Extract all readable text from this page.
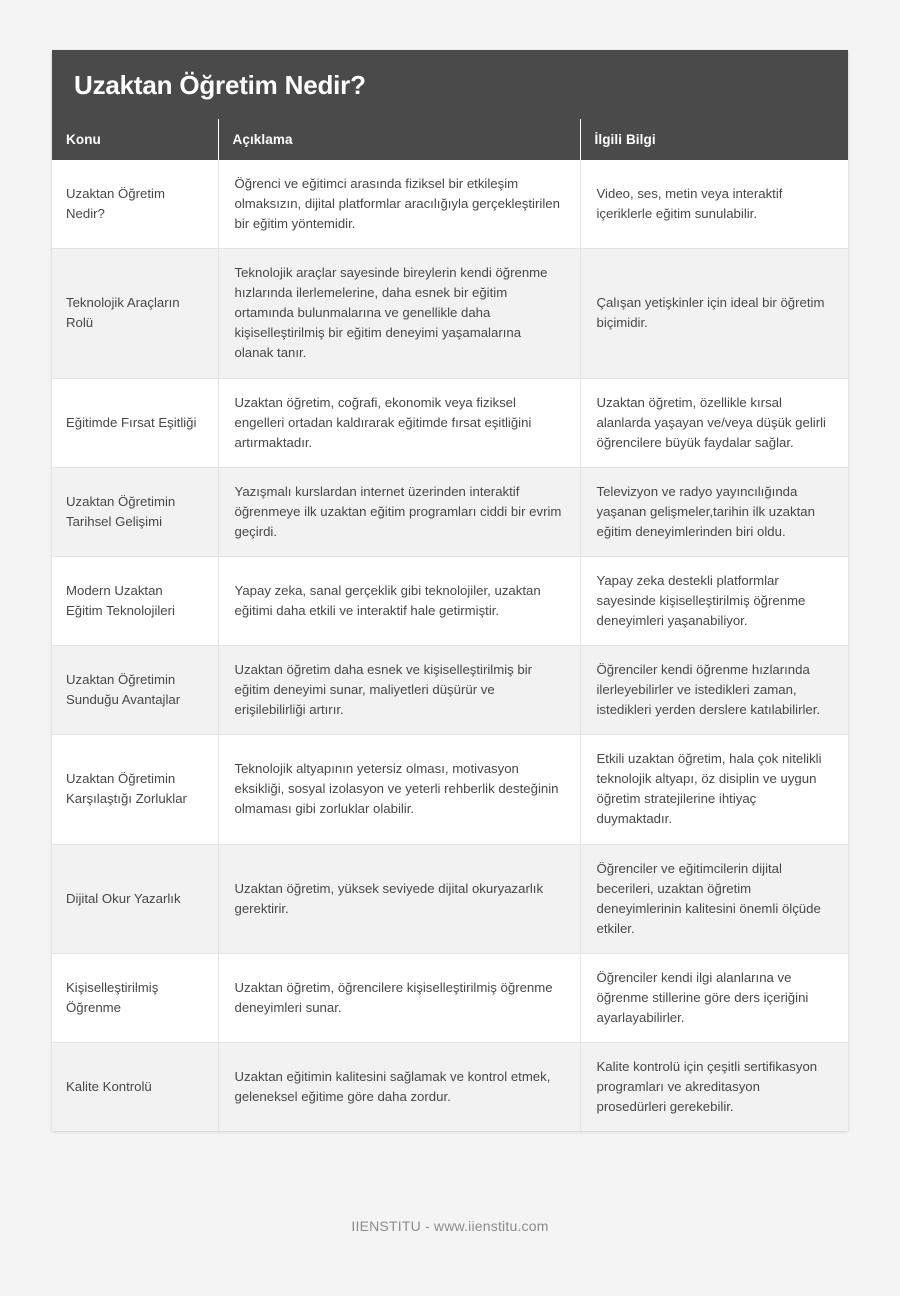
Uzaktan Öğretim Nedir?
Konu	Açıklama	İlgili Bilgi
Uzaktan Öğretim Nedir?	Öğrenci ve eğitimci arasında fiziksel bir etkileşim olmaksızın, dijital platformlar aracılığıyla gerçekleştirilen bir eğitim yöntemidir.	Video, ses, metin veya interaktif içeriklerle eğitim sunulabilir.
Teknolojik Araçların Rolü	Teknolojik araçlar sayesinde bireylerin kendi öğrenme hızlarında ilerlemelerine, daha esnek bir eğitim ortamında bulunmalarına ve genellikle daha kişiselleştirilmiş bir eğitim deneyimi yaşamalarına olanak tanır.	Çalışan yetişkinler için ideal bir öğretim biçimidir.
Eğitimde Fırsat Eşitliği	Uzaktan öğretim, coğrafi, ekonomik veya fiziksel engelleri ortadan kaldırarak eğitimde fırsat eşitliğini artırmaktadır.	Uzaktan öğretim, özellikle kırsal alanlarda yaşayan ve/veya düşük gelirli öğrencilere büyük faydalar sağlar.
Uzaktan Öğretimin Tarihsel Gelişimi	Yazışmalı kurslardan internet üzerinden interaktif öğrenmeye ilk uzaktan eğitim programları ciddi bir evrim geçirdi.	Televizyon ve radyo yayıncılığında yaşanan gelişmeler,tarihin ilk uzaktan eğitim deneyimlerinden biri oldu.
Modern Uzaktan Eğitim Teknolojileri	Yapay zeka, sanal gerçeklik gibi teknolojiler, uzaktan eğitimi daha etkili ve interaktif hale getirmiştir.	Yapay zeka destekli platformlar sayesinde kişiselleştirilmiş öğrenme deneyimleri yaşanabiliyor.
Uzaktan Öğretimin Sunduğu Avantajlar	Uzaktan öğretim daha esnek ve kişiselleştirilmiş bir eğitim deneyimi sunar, maliyetleri düşürür ve erişilebilirliği artırır.	Öğrenciler kendi öğrenme hızlarında ilerleyebilirler ve istedikleri zaman, istedikleri yerden derslere katılabilirler.
Uzaktan Öğretimin Karşılaştığı Zorluklar	Teknolojik altyapının yetersiz olması, motivasyon eksikliği, sosyal izolasyon ve yeterli rehberlik desteğinin olmaması gibi zorluklar olabilir.	Etkili uzaktan öğretim, hala çok nitelikli teknolojik altyapı, öz disiplin ve uygun öğretim stratejilerine ihtiyaç duymaktadır.
Dijital Okur Yazarlık	Uzaktan öğretim, yüksek seviyede dijital okuryazarlık gerektirir.	Öğrenciler ve eğitimcilerin dijital becerileri, uzaktan öğretim deneyimlerinin kalitesini önemli ölçüde etkiler.
Kişiselleştirilmiş Öğrenme	Uzaktan öğretim, öğrencilere kişiselleştirilmiş öğrenme deneyimleri sunar.	Öğrenciler kendi ilgi alanlarına ve öğrenme stillerine göre ders içeriğini ayarlayabilirler.
Kalite Kontrolü	Uzaktan eğitimin kalitesini sağlamak ve kontrol etmek, geleneksel eğitime göre daha zordur.	Kalite kontrolü için çeşitli sertifikasyon programları ve akreditasyon prosedürleri gerekebilir.
IIENSTITU - www.iienstitu.com
